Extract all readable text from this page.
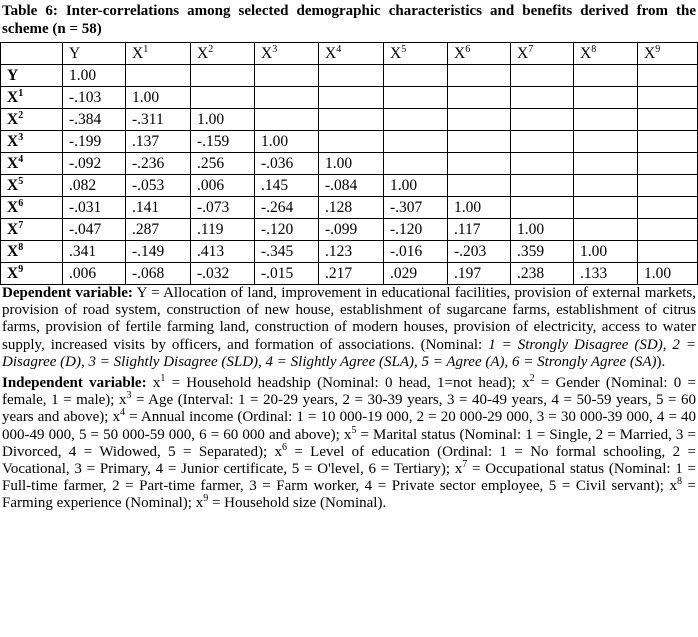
Table 6: Inter-correlations among selected demographic characteristics and benefits derived from the scheme (n = 58)

	Y	$X^1$	$X^2$	$X^3$	$X^4$	$X^5$	$X^6$	$X^7$	$X^8$	$X^9$
Y	1.00									
$X^1$	-.103	1.00								
$X^2$	-.384	-.311	1.00							
$X^3$	-.199	.137	-.159	1.00						
$X^4$	-.092	-.236	.256	-.036	1.00					
$X^5$	.082	-.053	.006	.145	-.084	1.00				
$X^6$	-.031	.141	-.073	-.264	.128	-.307	1.00			
$X^7$	-.047	.287	.119	-.120	-.099	-.120	.117	1.00		
$X^8$	.341	-.149	.413	-.345	.123	-.016	-.203	.359	1.00	
$X^9$	.006	-.068	-.032	-.015	.217	.029	.197	.238	.133	1.00

Dependent variable: Y = Allocation of land, improvement in educational facilities, provision of external markets, provision of road system, construction of new house, establishment of sugarcane farms, establishment of citrus farms, provision of fertile farming land, construction of modern houses, provision of electricity, access to water supply, increased visits by officers, and formation of associations. (Nominal: 1 = Strongly Disagree (SD), 2 = Disagree (D), 3 = Slightly Disagree (SLD), 4 = Slightly Agree (SLA), 5 = Agree (A), 6 = Strongly Agree (SA)).

Independent variable: $x^1$ = Household headship (Nominal: 0 head, 1=not head); $x^2$ = Gender (Nominal: 0 = female, 1 = male); $x^3$ = Age (Interval: 1 = 20-29 years, 2 = 30-39 years, 3 = 40-49 years, 4 = 50-59 years, 5 = 60 years and above); $x^4$ = Annual income (Ordinal: 1 = 10 000-19 000, 2 = 20 000-29 000, 3 = 30 000-39 000, 4 = 40 000-49 000, 5 = 50 000-59 000, 6 = 60 000 and above); $x^5$ = Marital status (Nominal: 1 = Single, 2 = Married, 3 = Divorced, 4 = Widowed, 5 = Separated); $x^6$ = Level of education (Ordinal: 1 = No formal schooling, 2 = Vocational, 3 = Primary, 4 = Junior certificate, 5 = O'level, 6 = Tertiary); $x^7$ = Occupational status (Nominal: 1 = Full-time farmer, 2 = Part-time farmer, 3 = Farm worker, 4 = Private sector employee, 5 = Civil servant); $x^8 = Farming$ experience (Nominal); $x^9$ = Household size (Nominal).
